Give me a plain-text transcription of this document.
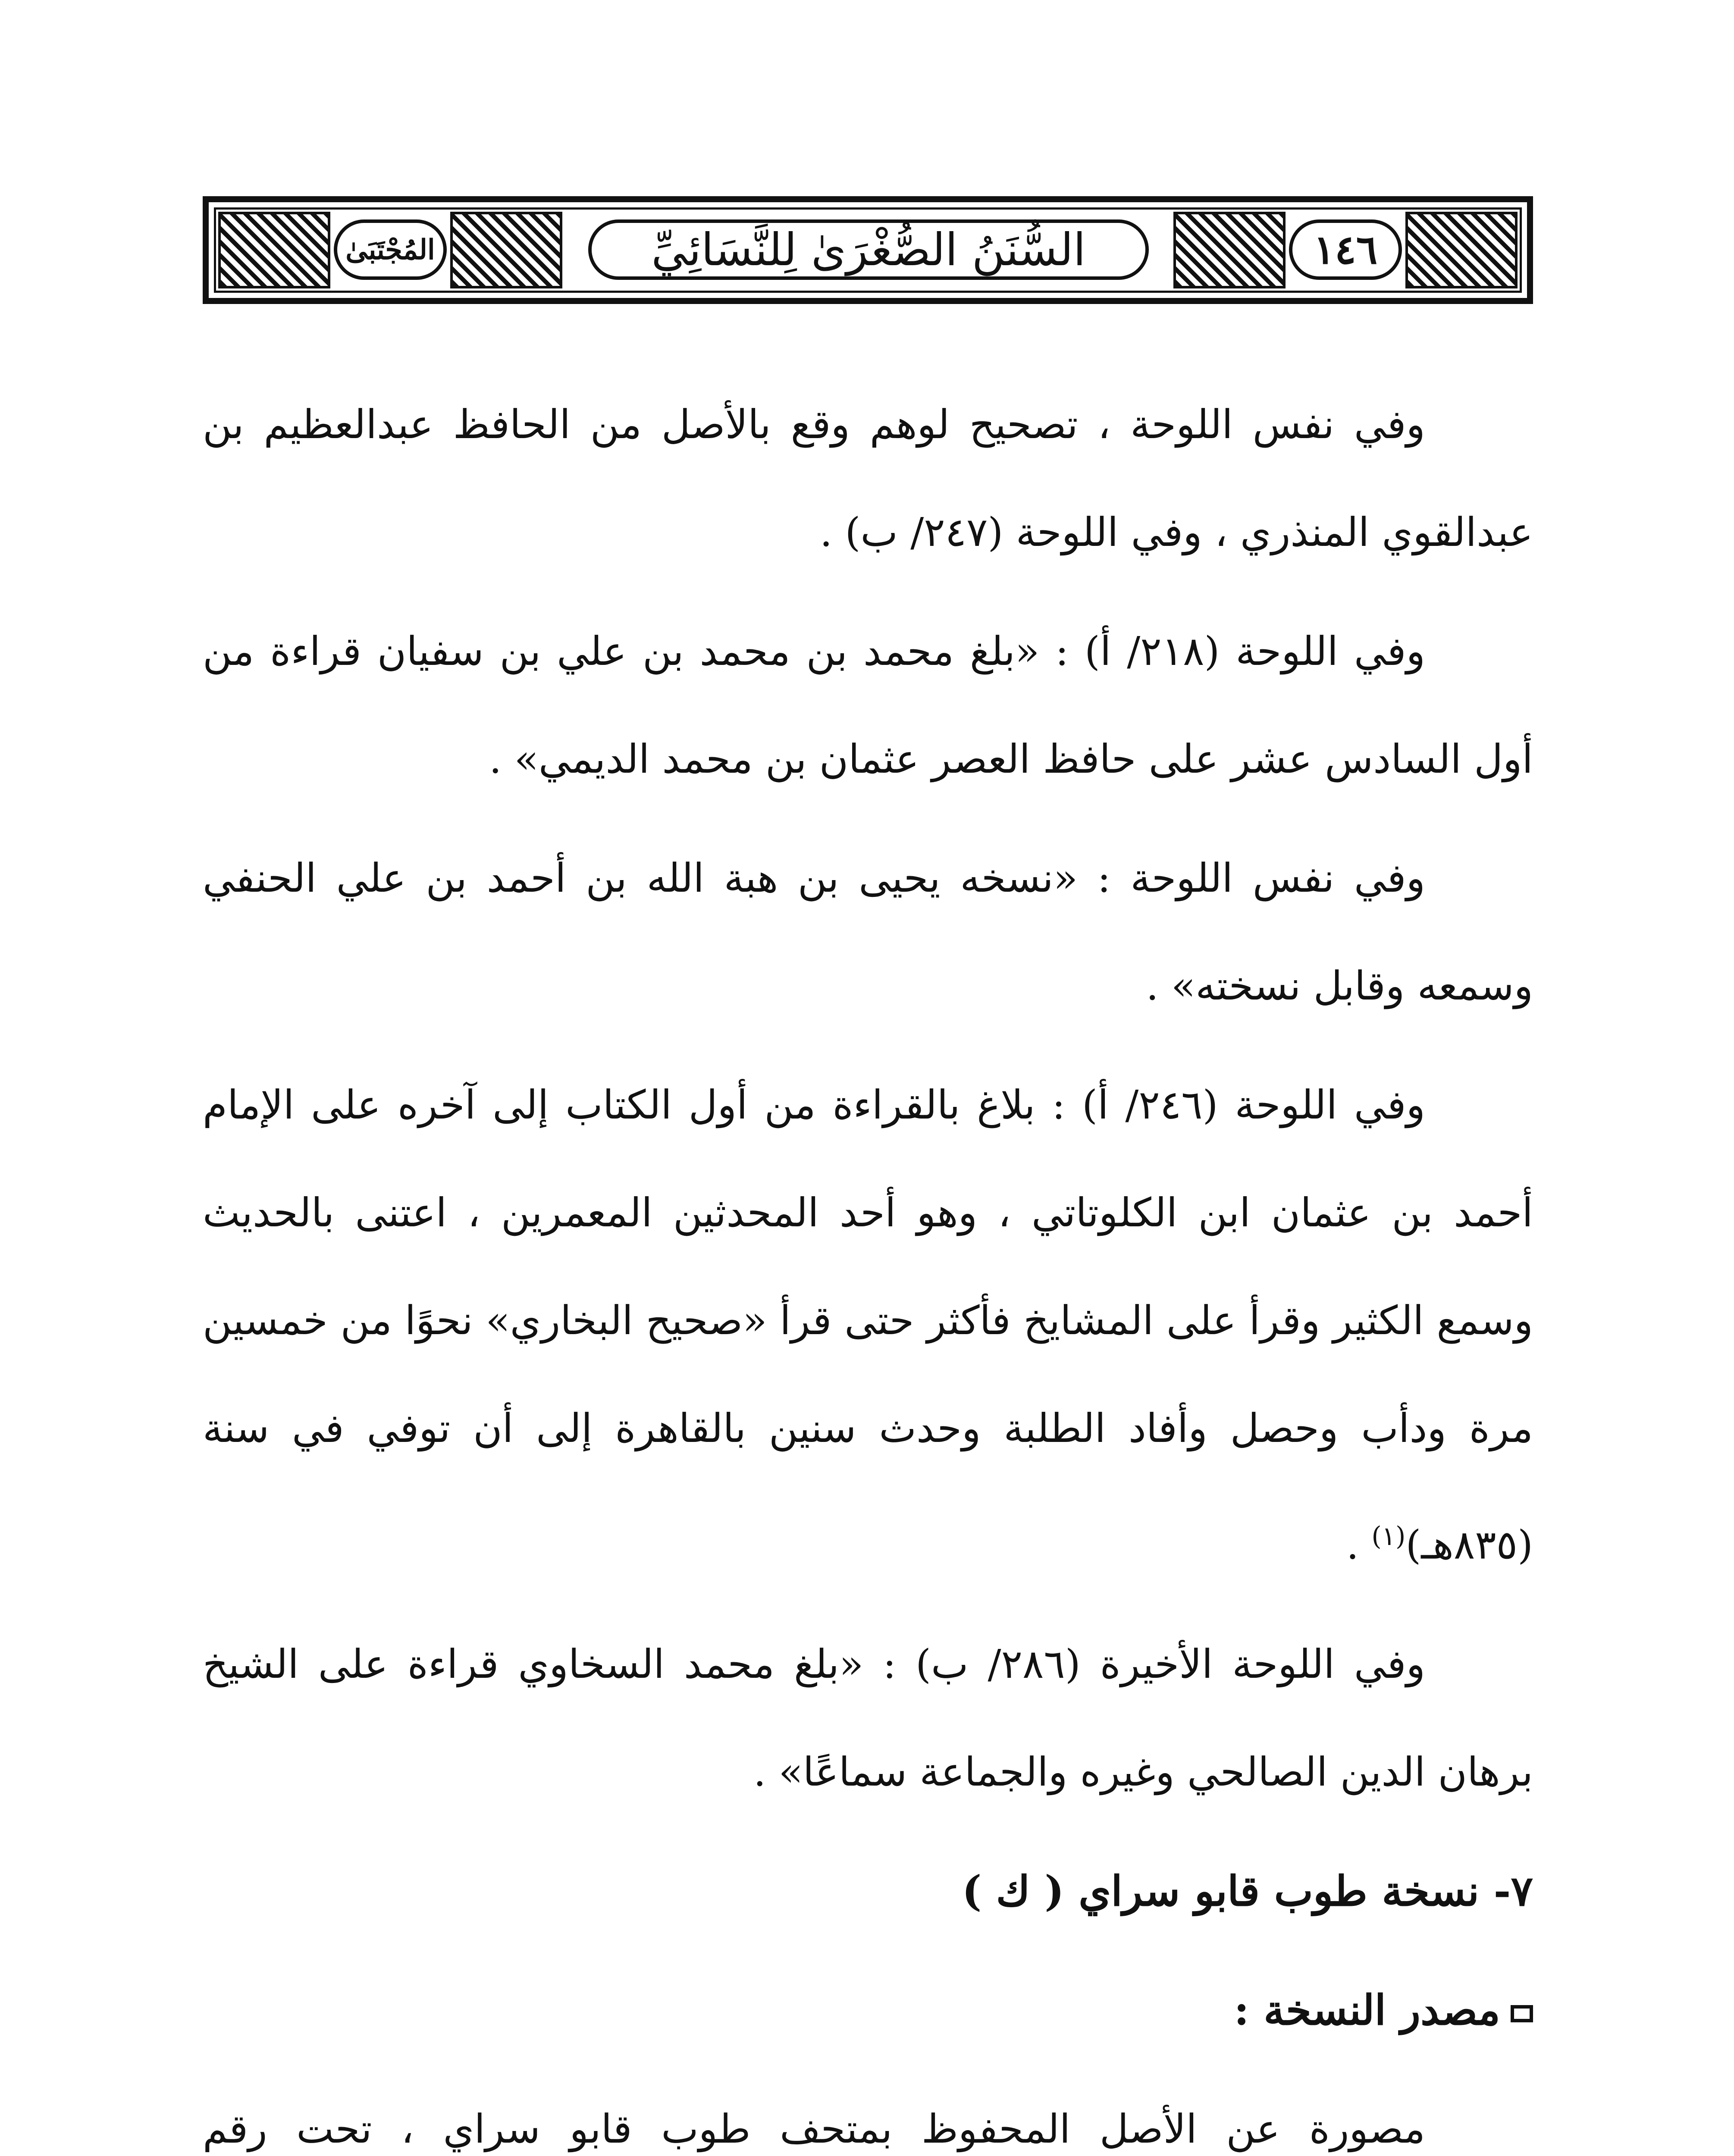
١٤٦
السُّنَنُ الصُّغْرَىٰ لِلنَّسَائِيِّ
المُجْتَبَىٰ

وفي نفس اللوحة ، تصحيح لوهم وقع بالأصل من الحافظ عبدالعظيم بن عبدالقوي المنذري ، وفي اللوحة (٢٤٧/ ب) .

وفي اللوحة (٢١٨/ أ) : «بلغ محمد بن محمد بن علي بن سفيان قراءة من أول السادس عشر على حافظ العصر عثمان بن محمد الديمي» .

وفي نفس اللوحة : «نسخه يحيى بن هبة الله بن أحمد بن علي الحنفي وسمعه وقابل نسخته» .

وفي اللوحة (٢٤٦/ أ) : بلاغ بالقراءة من أول الكتاب إلى آخره على الإمام أحمد بن عثمان ابن الكلوتاتي ، وهو أحد المحدثين المعمرين ، اعتنى بالحديث وسمع الكثير وقرأ على المشايخ فأكثر حتى قرأ «صحيح البخاري» نحوًا من خمسين مرة ودأب وحصل وأفاد الطلبة وحدث سنين بالقاهرة إلى أن توفي في سنة (٨٣٥هـ)$^{(١)}$ .

وفي اللوحة الأخيرة (٢٨٦/ ب) : «بلغ محمد السخاوي قراءة على الشيخ برهان الدين الصالحي وغيره والجماعة سماعًا» .

٧- نسخة طوب قابو سراي ( ك )
مصدر النسخة :

مصورة عن الأصل المحفوظ بمتحف طوب قابو سراي ، تحت رقم
